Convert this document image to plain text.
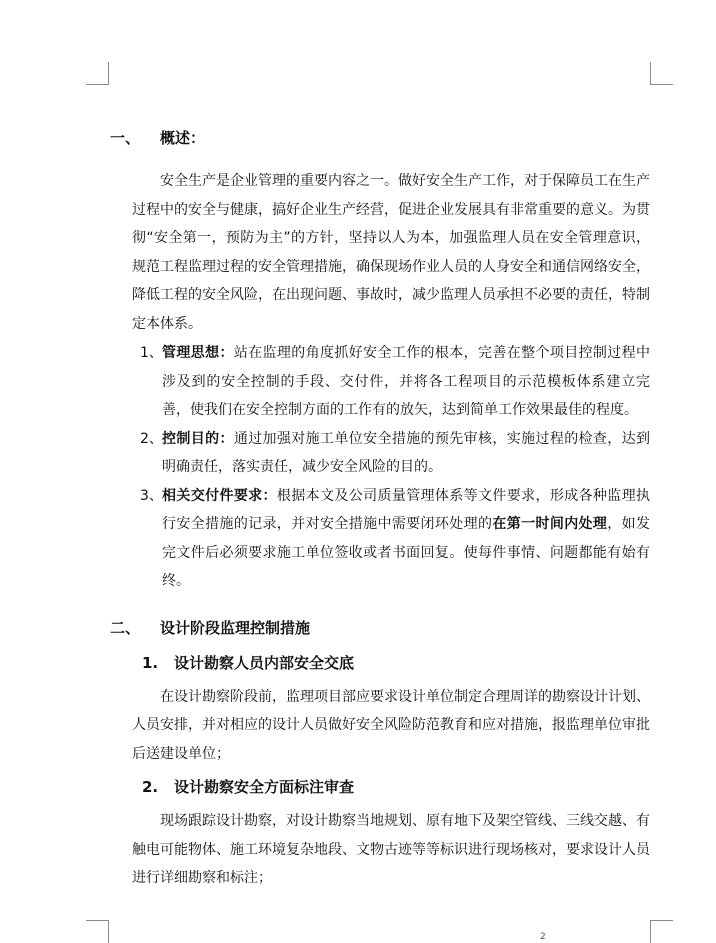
一、 概述：

安全生产是企业管理的重要内容之一。做好安全生产工作，对于保障员工在生产过程中的安全与健康，搞好企业生产经营，促进企业发展具有非常重要的意义。为贯彻“安全第一，预防为主”的方针，坚持以人为本，加强监理人员在安全管理意识，规范工程监理过程的安全管理措施，确保现场作业人员的人身安全和通信网络安全，降低工程的安全风险，在出现问题、事故时，减少监理人员承担不必要的责任，特制定本体系。

1、 管理思想：站在监理的角度抓好安全工作的根本，完善在整个项目控制过程中涉及到的安全控制的手段、交付件，并将各工程项目的示范模板体系建立完善，使我们在安全控制方面的工作有的放矢，达到简单工作效果最佳的程度。
2、 控制目的：通过加强对施工单位安全措施的预先审核，实施过程的检查，达到明确责任，落实责任，减少安全风险的目的。
3、 相关交付件要求：根据本文及公司质量管理体系等文件要求，形成各种监理执行安全措施的记录，并对安全措施中需要闭环处理的在第一时间内处理，如发完文件后必须要求施工单位签收或者书面回复。使每件事情、问题都能有始有终。
二、 设计阶段监理控制措施
1. 设计勘察人员内部安全交底

在设计勘察阶段前，监理项目部应要求设计单位制定合理周详的勘察设计计划、人员安排，并对相应的设计人员做好安全风险防范教育和应对措施，报监理单位审批后送建设单位；

2. 设计勘察安全方面标注审查

现场跟踪设计勘察，对设计勘察当地规划、原有地下及架空管线、三线交越、有触电可能物体、施工环境复杂地段、文物古迹等等标识进行现场核对，要求设计人员进行详细勘察和标注；

2
